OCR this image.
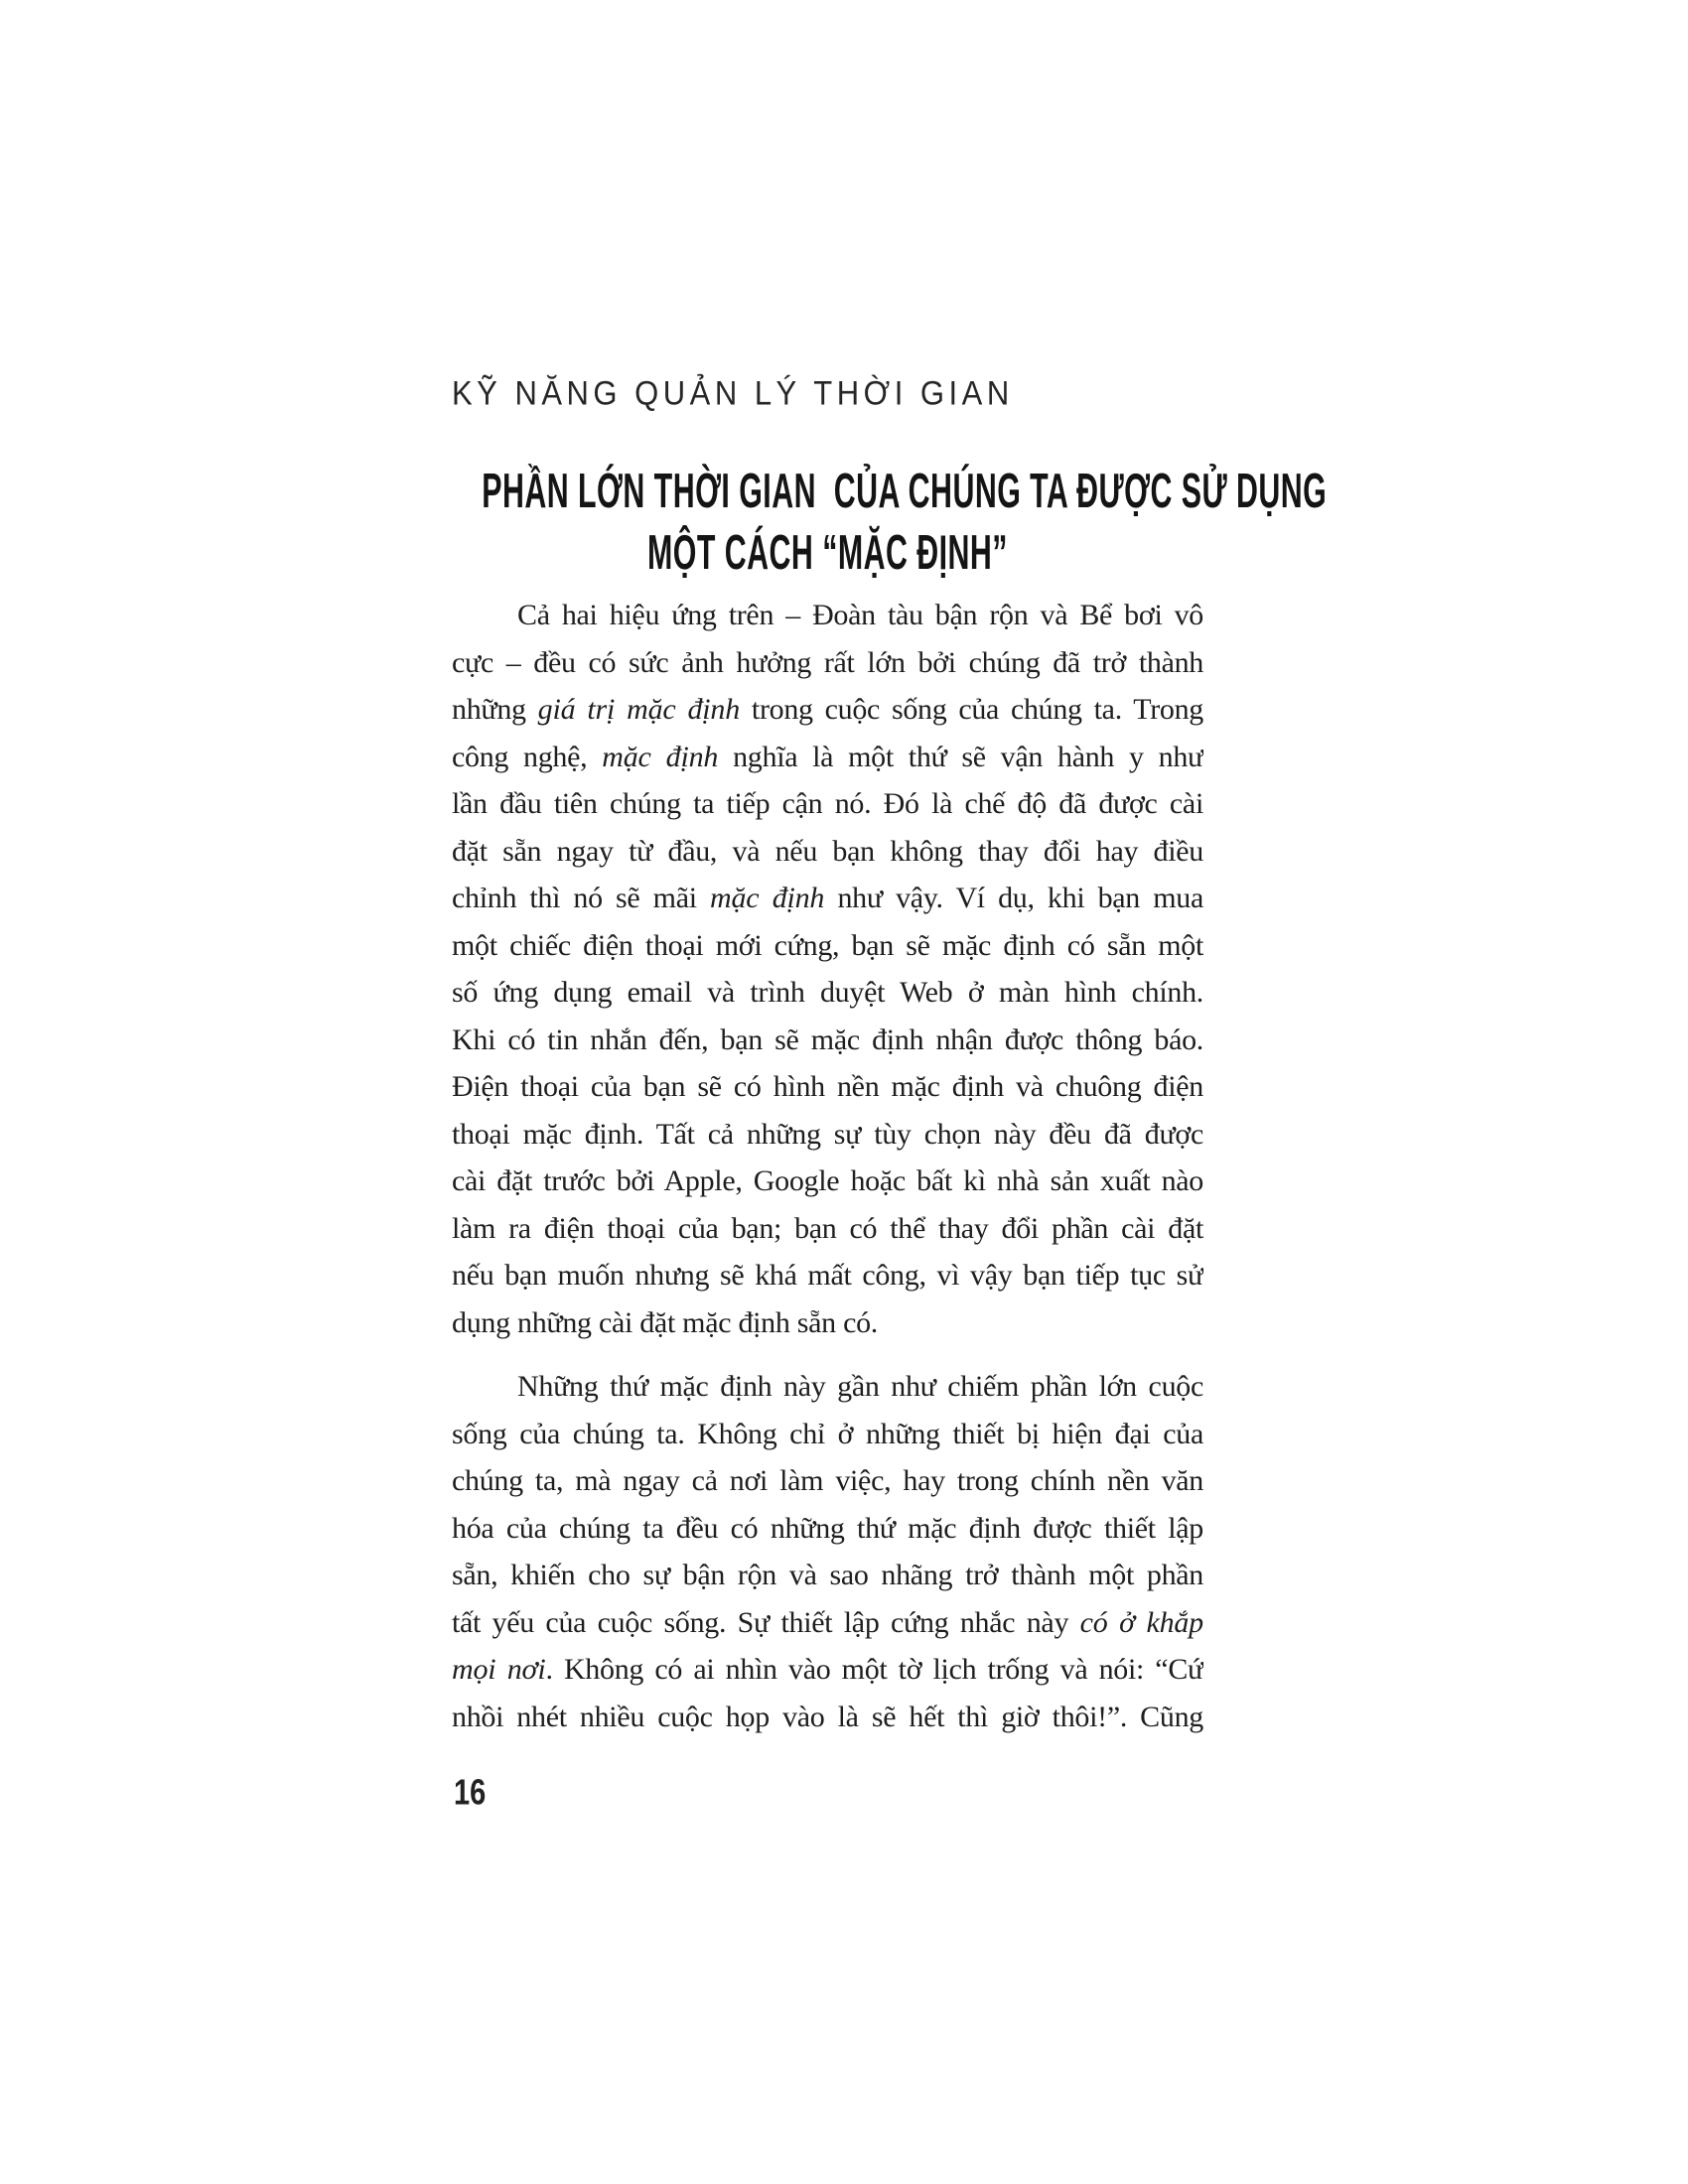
KỸ NĂNG QUẢN LÝ THỜI GIAN
PHẦN LỚN THỜI GIAN  CỦA CHÚNG TA ĐƯỢC SỬ DỤNG
MỘT CÁCH “MẶC ĐỊNH”
Cả hai hiệu ứng trên – Đoàn tàu bận rộn và Bể bơi vô
cực – đều có sức ảnh hưởng rất lớn bởi chúng đã trở thành
những giá trị mặc định trong cuộc sống của chúng ta. Trong
công nghệ, mặc định nghĩa là một thứ sẽ vận hành y như
lần đầu tiên chúng ta tiếp cận nó. Đó là chế độ đã được cài
đặt sẵn ngay từ đầu, và nếu bạn không thay đổi hay điều
chỉnh thì nó sẽ mãi mặc định như vậy. Ví dụ, khi bạn mua
một chiếc điện thoại mới cứng, bạn sẽ mặc định có sẵn một
số ứng dụng email và trình duyệt Web ở màn hình chính.
Khi có tin nhắn đến, bạn sẽ mặc định nhận được thông báo.
Điện thoại của bạn sẽ có hình nền mặc định và chuông điện
thoại mặc định. Tất cả những sự tùy chọn này đều đã được
cài đặt trước bởi Apple, Google hoặc bất kì nhà sản xuất nào
làm ra điện thoại của bạn; bạn có thể thay đổi phần cài đặt
nếu bạn muốn nhưng sẽ khá mất công, vì vậy bạn tiếp tục sử
dụng những cài đặt mặc định sẵn có.
Những thứ mặc định này gần như chiếm phần lớn cuộc
sống của chúng ta. Không chỉ ở những thiết bị hiện đại của
chúng ta, mà ngay cả nơi làm việc, hay trong chính nền văn
hóa của chúng ta đều có những thứ mặc định được thiết lập
sẵn, khiến cho sự bận rộn và sao nhãng trở thành một phần
tất yếu của cuộc sống. Sự thiết lập cứng nhắc này có ở khắp
mọi nơi. Không có ai nhìn vào một tờ lịch trống và nói: “Cứ
nhồi nhét nhiều cuộc họp vào là sẽ hết thì giờ thôi!”. Cũng
16
